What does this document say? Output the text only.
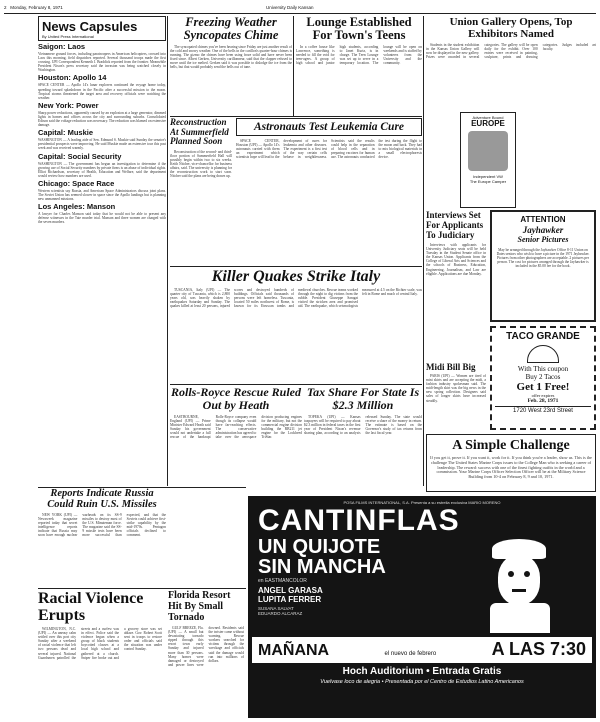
2 Monday, February 8, 1971	University Daily Kansan
News Capsules
By United Press International
Saigon: Laos
Vietnamese ground forces, including paratroopers in American helicopters, crossed into Laos this morning, field dispatches reported. Several thousand troops made the first crossing. UPI Correspondent Kenneth J. Braddick reported from the frontier. Meanwhile President Nixon's press secretary said the invasion was being watched closely in Washington.
Houston: Apollo 14
SPACE CENTER — Apollo 14's lunar explorers continued the voyage home today, speeding toward splashdown in the Pacific after a successful mission to the moon. Tropical storms threatened the target area and recovery officials were watching the weather.
New York: Power
Sharp power reductions, apparently caused by an explosion at a large generator, dimmed lights in homes and offices across the city and surrounding suburbs. Consolidated Edison said the voltage reduction was necessary. The reduction was blamed on extensive damage.
Capital: Muskie
WASHINGTON — A leading aide of Sen. Edmund S. Muskie said Sunday the senator's presidential prospects were improving. He said Muskie made an extensive tour this past week and was received warmly.
Capital: Social Security
WASHINGTON — The government has begun an investigation to determine if the growing use of Social Security numbers by private firms is an abuse of individual rights. Elliot Richardson, secretary of Health, Education and Welfare, said the department would review how numbers are used.
Chicago: Space Race
Western scientists say Russia, and American Space Administrators discuss joint plans. The Soviet Union has seemed slower in space since the Apollo landings but is planning new unmanned missions.
Los Angeles: Manson
A lawyer for Charles Manson said today that he would not be able to present any defense witnesses in the Tate murder trial. Manson and three women are charged with the seven murders.
Freezing Weather Syncopates Chime

The syncopated chimes you've been hearing since Friday are just another result of the cold and snowy weather. One of the bells in the carillon's quarter-hour chimes is running. The gizmo the chimes have been using froze solid and have never been fixed since. Albert Gerken, University carillonneur, said that the clapper refused to move until the ice melted. Gerken said it was possible to dislodge the ice from the bells, but that would probably send the bells out of tune.

Reconstruction At Summerfield Planned Soon

Reconstruction of the second- and third-floor portion of Summerfield Hall will possibly begin within two to six weeks. Keith Nitcher, vice-chancellor for business affairs, said. The university is planning for the reconstruction work to start soon. Nitcher said the plans are being drawn up.

Lounge Established For Town's Teens

In a coffee house like Lawrence, something is needed to fill the void for teen-agers. A group of high school and junior high students, according to Janet Kurtz, is in charge. The Teen Lounge was set up to serve in a temporary location. The lounge will be open on weekends and is staffed by volunteers from the University and the community.

Union Gallery Opens, Top Exhibitors Named

Students in the student exhibition in the Kansas Union Gallery will now be displayed in the new gallery. Prizes were awarded in several categories. The gallery will be open daily for the exhibit. Over 100 entries were received in painting, sculpture, prints and drawing categories. Judges included art faculty.

Astronauts Test Leukemia Cure

SPACE CENTER, Houston (UPI) — Apollo 14's astronauts carried with them an experiment which scientists hope will lead to the development of cures for leukemia and other diseases. The experiment is a first test of the way certain cells behave in weightlessness. Scientists said the results could help in the separation of blood cells and in preparing vaccines for human use. The astronauts conducted the test during the flight to the moon and back. They had to mix biological materials in a small electrophoresis device.

Adventure Bound
EUROPE
Independent VW
The Europe Camper
Interviews Set For Applicants To Judiciary

Interviews with applicants for University Judiciary seats will be held Tuesday in the Student Senate office in the Kansas Union. Applicants from the College of Liberal Arts and Sciences and the schools of Business, Education, Engineering, Journalism, and Law are eligible. Applications are due Monday.

ATTENTION
Jayhawker
Senior Pictures
May be arranged through the Jayhawker Office 8-11 Union on Dates seniors who wish to have a picture in the 1971 Jayhawker. Pictures from other photographers are acceptable. 2 pictures per person. The cost for pictures arranged through the Jayhawker is included in the $5.00 fee for the book.
Killer Quakes Strike Italy

TUSCANIA, Italy (UPI) — The quarter city of Tuscania, which is 2,800 years old, was heavily shaken by earthquakes Saturday and Sunday. The quakes killed at least 20 persons, injured scores and destroyed hundreds of buildings. Officials said thousands of persons were left homeless. Tuscania, located 50 miles northwest of Rome, is known for its Etruscan tombs and medieval churches. Rescue teams worked through the night to dig victims from the rubble. President Giuseppe Saragat visited the stricken area and promised aid. The earthquake, which seismologists measured at 4.5 on the Richter scale, was felt in Rome and much of central Italy.

TACO GRANDE
With This coupon
Buy 2 Tacos
Get 1 Free!
offer expires
Feb. 28, 1971
1720 West 23rd Street
Midi Bill Big

PARIS (UPI) — Women are tired of mini skirts and are accepting the midi, a fashion industry spokesman said. The midi-length skirt was the big news in the new spring collection. Designers said sales of longer skirts have increased steadily.

Rolls-Royce Rescue Ruled Out by Heath

EASTBOURNE, England (UPI) — Prime Minister Edward Heath said Sunday his government would not undertake a full rescue of the bankrupt Rolls-Royce company even though its collapse would have far-reaching effects. The conservative administration has agreed to take over the aerospace division producing engines for the military, but not the commercial engine division building the RB211 jet engine for the Lockheed TriStar.

Tax Share For State Is $2.3 Million

TOPEKA (UPI) — Kansas taxpayers will be required to pay about $2.3 million in federal taxes in the first year of President Nixon's revenue sharing plan, according to an analysis released Sunday. The state would receive a share of the money in return. The estimate is based on the Governor's study of tax returns from the last fiscal year.

A Simple Challenge
If you get it, prove it. If you want it, work for it. If you think you're a leader, show us. This is the challenge The United States Marine Corps issues to the College Man who is seeking a career of leadership. The reward: success with one of the finest fighting outfits in the world and a commission. Your Marine Corps Officer Selection Officer will be at the Military Science Building from 10-4 on February 8, 9 and 10, 1971.
Reports Indicate Russia Could Ruin U.S. Missiles

NEW YORK (UPI) — Newsweek magazine reported today that secret intelligence reports indicate that Russia may soon have enough nuclear warheads on its SS-9 missiles to destroy most of the U.S. Minuteman force. The magazine said the SS-9 missile tests have been more successful than expected, and that the Soviets could achieve first-strike capability by the mid-1970s. Pentagon officials declined to comment.

Racial Violence Erupts

WILMINGTON, N.C. (UPI) — An uneasy calm settled over this port city Sunday after a weekend of racial violence that left two persons dead and several injured. National Guardsmen patrolled the streets and a curfew was in effect. Police said the violence began when a group of black students boycotted classes at a local high school and gathered at a church. Sniper fire broke out and a grocery store was set ablaze. Gov. Robert Scott sent in troops to restore order and officials said the situation was under control Sunday.

Florida Resort Hit By Small Tornado

GULF BREEZE, Fla. (UPI) — A small but devastating tornado ripped through this resort town early Sunday and injured more than 30 persons. Many homes were damaged or destroyed and power lines were downed. Residents said the twister came without warning. Rescue workers searched for victims through the wreckage and officials said the damage would run into millions of dollars.

POSA FILMS INTERNATIONAL, S.A. Presenta a su estrella exclusiva MARIO MORENO
CANTINFLAS
UN QUIJOTE
SIN MANCHA
en EASTMANCOLOR
ANGEL GARASA
LUPITA FERRER
SUSANA SALVAT
EDUARDO ALCARAZ
MAÑANA	el nuevo de febrero	A LAS 7:30
Hoch Auditorium • Entrada Gratis
Vuelvase loco de alegria • Presentada por el Centro de Estudios Latino Americanos
